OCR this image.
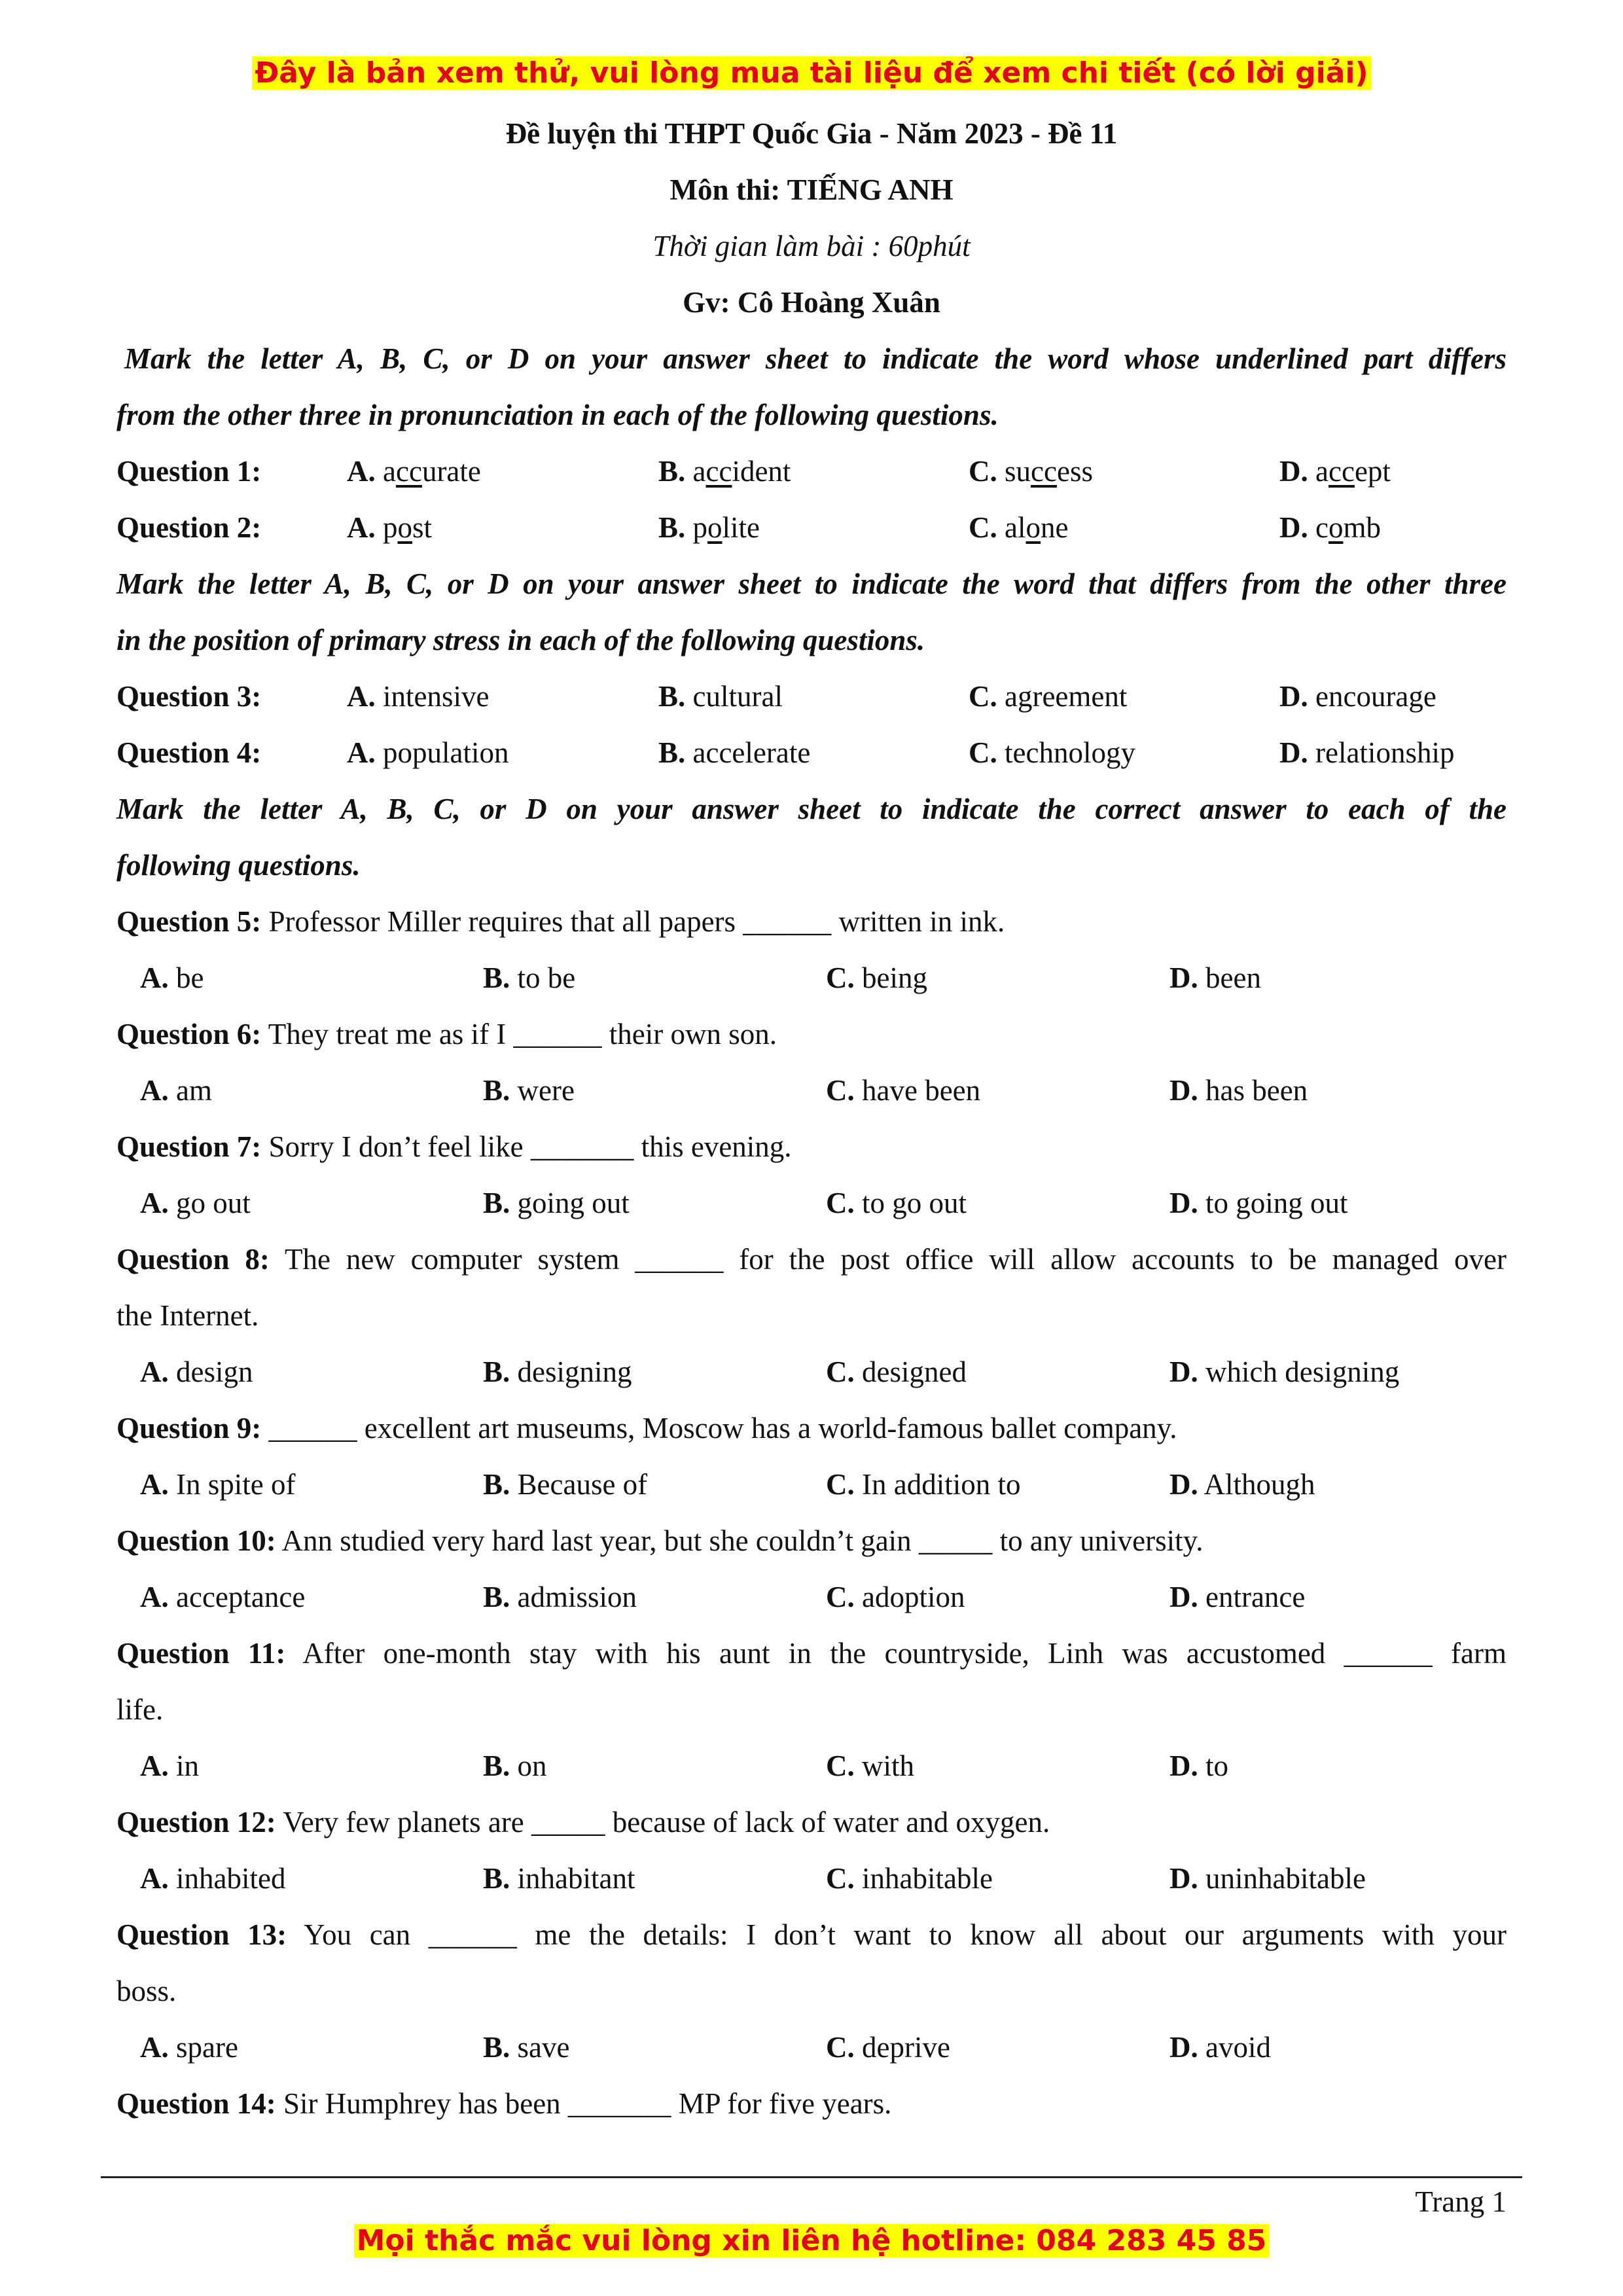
Đây là bản xem thử, vui lòng mua tài liệu để xem chi tiết (có lời giải)
Đề luyện thi THPT Quốc Gia - Năm 2023 - Đề 11
Môn thi: TIẾNG ANH
Thời gian làm bài : 60phút
Gv: Cô Hoàng Xuân
Mark the letter A, B, C, or D on your answer sheet to indicate the word whose underlined part differs
from the other three in pronunciation in each of the following questions.
Question 1:	A. accurate	B. accident	C. success	D. accept
Question 2:	A. post	B. polite	C. alone	D. comb
Mark the letter A, B, C, or D on your answer sheet to indicate the word that differs from the other three
in the position of primary stress in each of the following questions.
Question 3:	A. intensive	B. cultural	C. agreement	D. encourage
Question 4:	A. population	B. accelerate	C. technology	D. relationship
Mark the letter A, B, C, or D on your answer sheet to indicate the correct answer to each of the
following questions.
Question 5: Professor Miller requires that all papers ______ written in ink.
A. be	B. to be	C. being	D. been
Question 6: They treat me as if I ______ their own son.
A. am	B. were	C. have been	D. has been
Question 7: Sorry I don’t feel like _______ this evening.
A. go out	B. going out	C. to go out	D. to going out
Question 8: The new computer system ______ for the post office will allow accounts to be managed over
the Internet.
A. design	B. designing	C. designed	D. which designing
Question 9: ______ excellent art museums, Moscow has a world-famous ballet company.
A. In spite of	B. Because of	C. In addition to	D. Although
Question 10: Ann studied very hard last year, but she couldn’t gain _____ to any university.
A. acceptance	B. admission	C. adoption	D. entrance
Question 11: After one-month stay with his aunt in the countryside, Linh was accustomed ______ farm
life.
A. in	B. on	C. with	D. to
Question 12: Very few planets are _____ because of lack of water and oxygen.
A. inhabited	B. inhabitant	C. inhabitable	D. uninhabitable
Question 13: You can ______ me the details: I don’t want to know all about our arguments with your
boss.
A. spare	B. save	C. deprive	D. avoid
Question 14: Sir Humphrey has been _______ MP for five years.
Trang 1
Mọi thắc mắc vui lòng xin liên hệ hotline: 084 283 45 85
